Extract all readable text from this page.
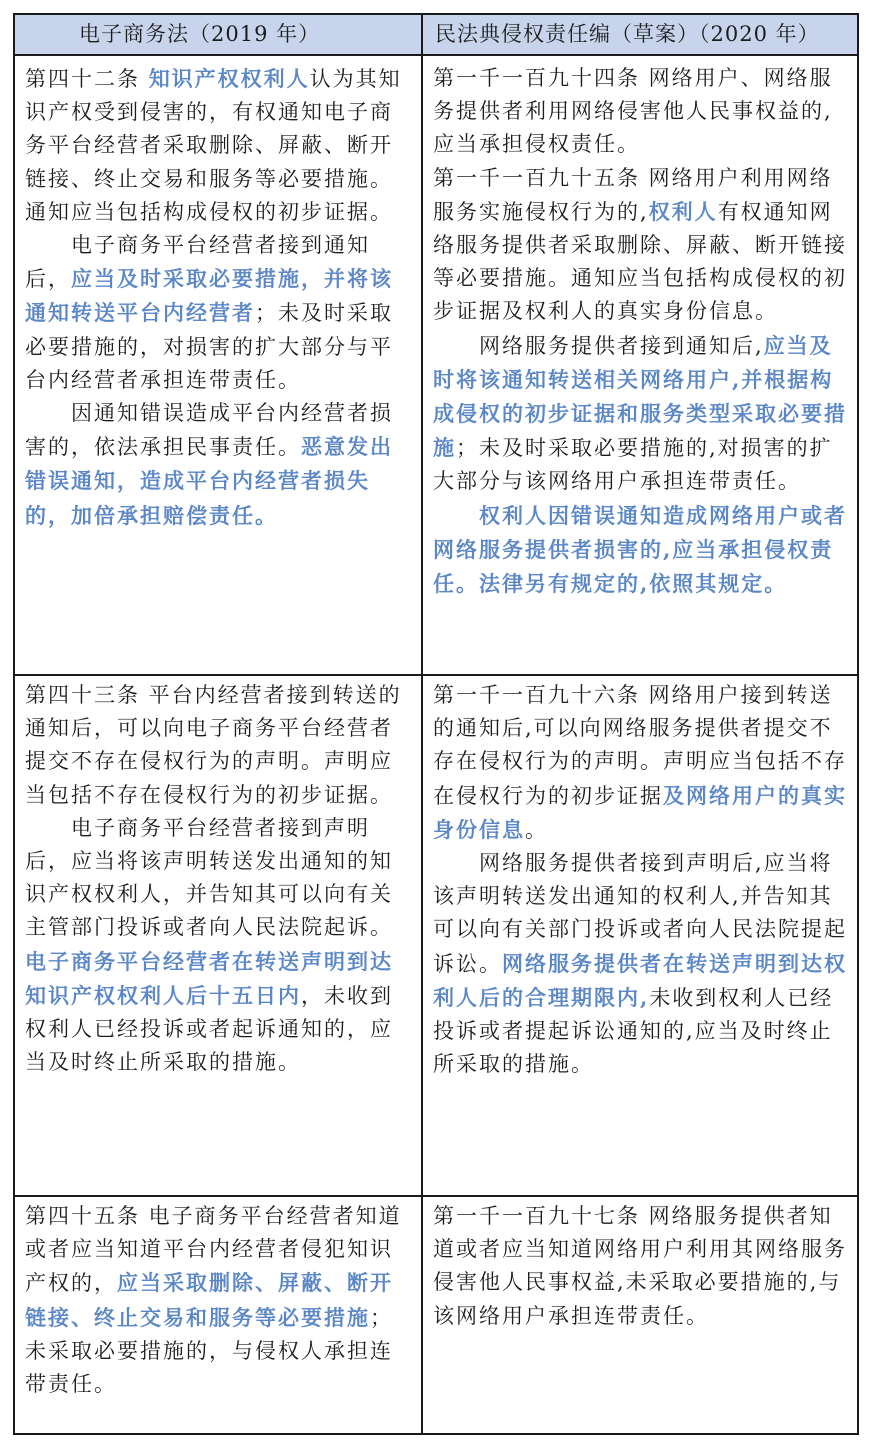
电子商务法（2019 年）	民法典侵权责任编（草案）（2020 年）

第四十二条 知识产权权利人认为其知识产权受到侵害的，有权通知电子商务平台经营者采取删除、屏蔽、断开链接、终止交易和服务等必要措施。通知应当包括构成侵权的初步证据。

电子商务平台经营者接到通知后，应当及时采取必要措施，并将该通知转送平台内经营者；未及时采取必要措施的，对损害的扩大部分与平台内经营者承担连带责任。

因通知错误造成平台内经营者损害的，依法承担民事责任。恶意发出错误通知，造成平台内经营者损失的，加倍承担赔偿责任。

第一千一百九十四条 网络用户、网络服务提供者利用网络侵害他人民事权益的,应当承担侵权责任。

第一千一百九十五条 网络用户利用网络服务实施侵权行为的,权利人有权通知网络服务提供者采取删除、屏蔽、断开链接等必要措施。通知应当包括构成侵权的初步证据及权利人的真实身份信息。

网络服务提供者接到通知后,应当及时将该通知转送相关网络用户,并根据构成侵权的初步证据和服务类型采取必要措施；未及时采取必要措施的,对损害的扩大部分与该网络用户承担连带责任。

权利人因错误通知造成网络用户或者网络服务提供者损害的,应当承担侵权责任。法律另有规定的,依照其规定。

第四十三条 平台内经营者接到转送的通知后，可以向电子商务平台经营者提交不存在侵权行为的声明。声明应当包括不存在侵权行为的初步证据。

电子商务平台经营者接到声明后，应当将该声明转送发出通知的知识产权权利人，并告知其可以向有关主管部门投诉或者向人民法院起诉。电子商务平台经营者在转送声明到达知识产权权利人后十五日内，未收到权利人已经投诉或者起诉通知的，应当及时终止所采取的措施。

第一千一百九十六条 网络用户接到转送的通知后,可以向网络服务提供者提交不存在侵权行为的声明。声明应当包括不存在侵权行为的初步证据及网络用户的真实身份信息。

网络服务提供者接到声明后,应当将该声明转送发出通知的权利人,并告知其可以向有关部门投诉或者向人民法院提起诉讼。网络服务提供者在转送声明到达权利人后的合理期限内,未收到权利人已经投诉或者提起诉讼通知的,应当及时终止所采取的措施。

第四十五条 电子商务平台经营者知道或者应当知道平台内经营者侵犯知识产权的，应当采取删除、屏蔽、断开链接、终止交易和服务等必要措施；未采取必要措施的，与侵权人承担连带责任。

第一千一百九十七条 网络服务提供者知道或者应当知道网络用户利用其网络服务侵害他人民事权益,未采取必要措施的,与该网络用户承担连带责任。
